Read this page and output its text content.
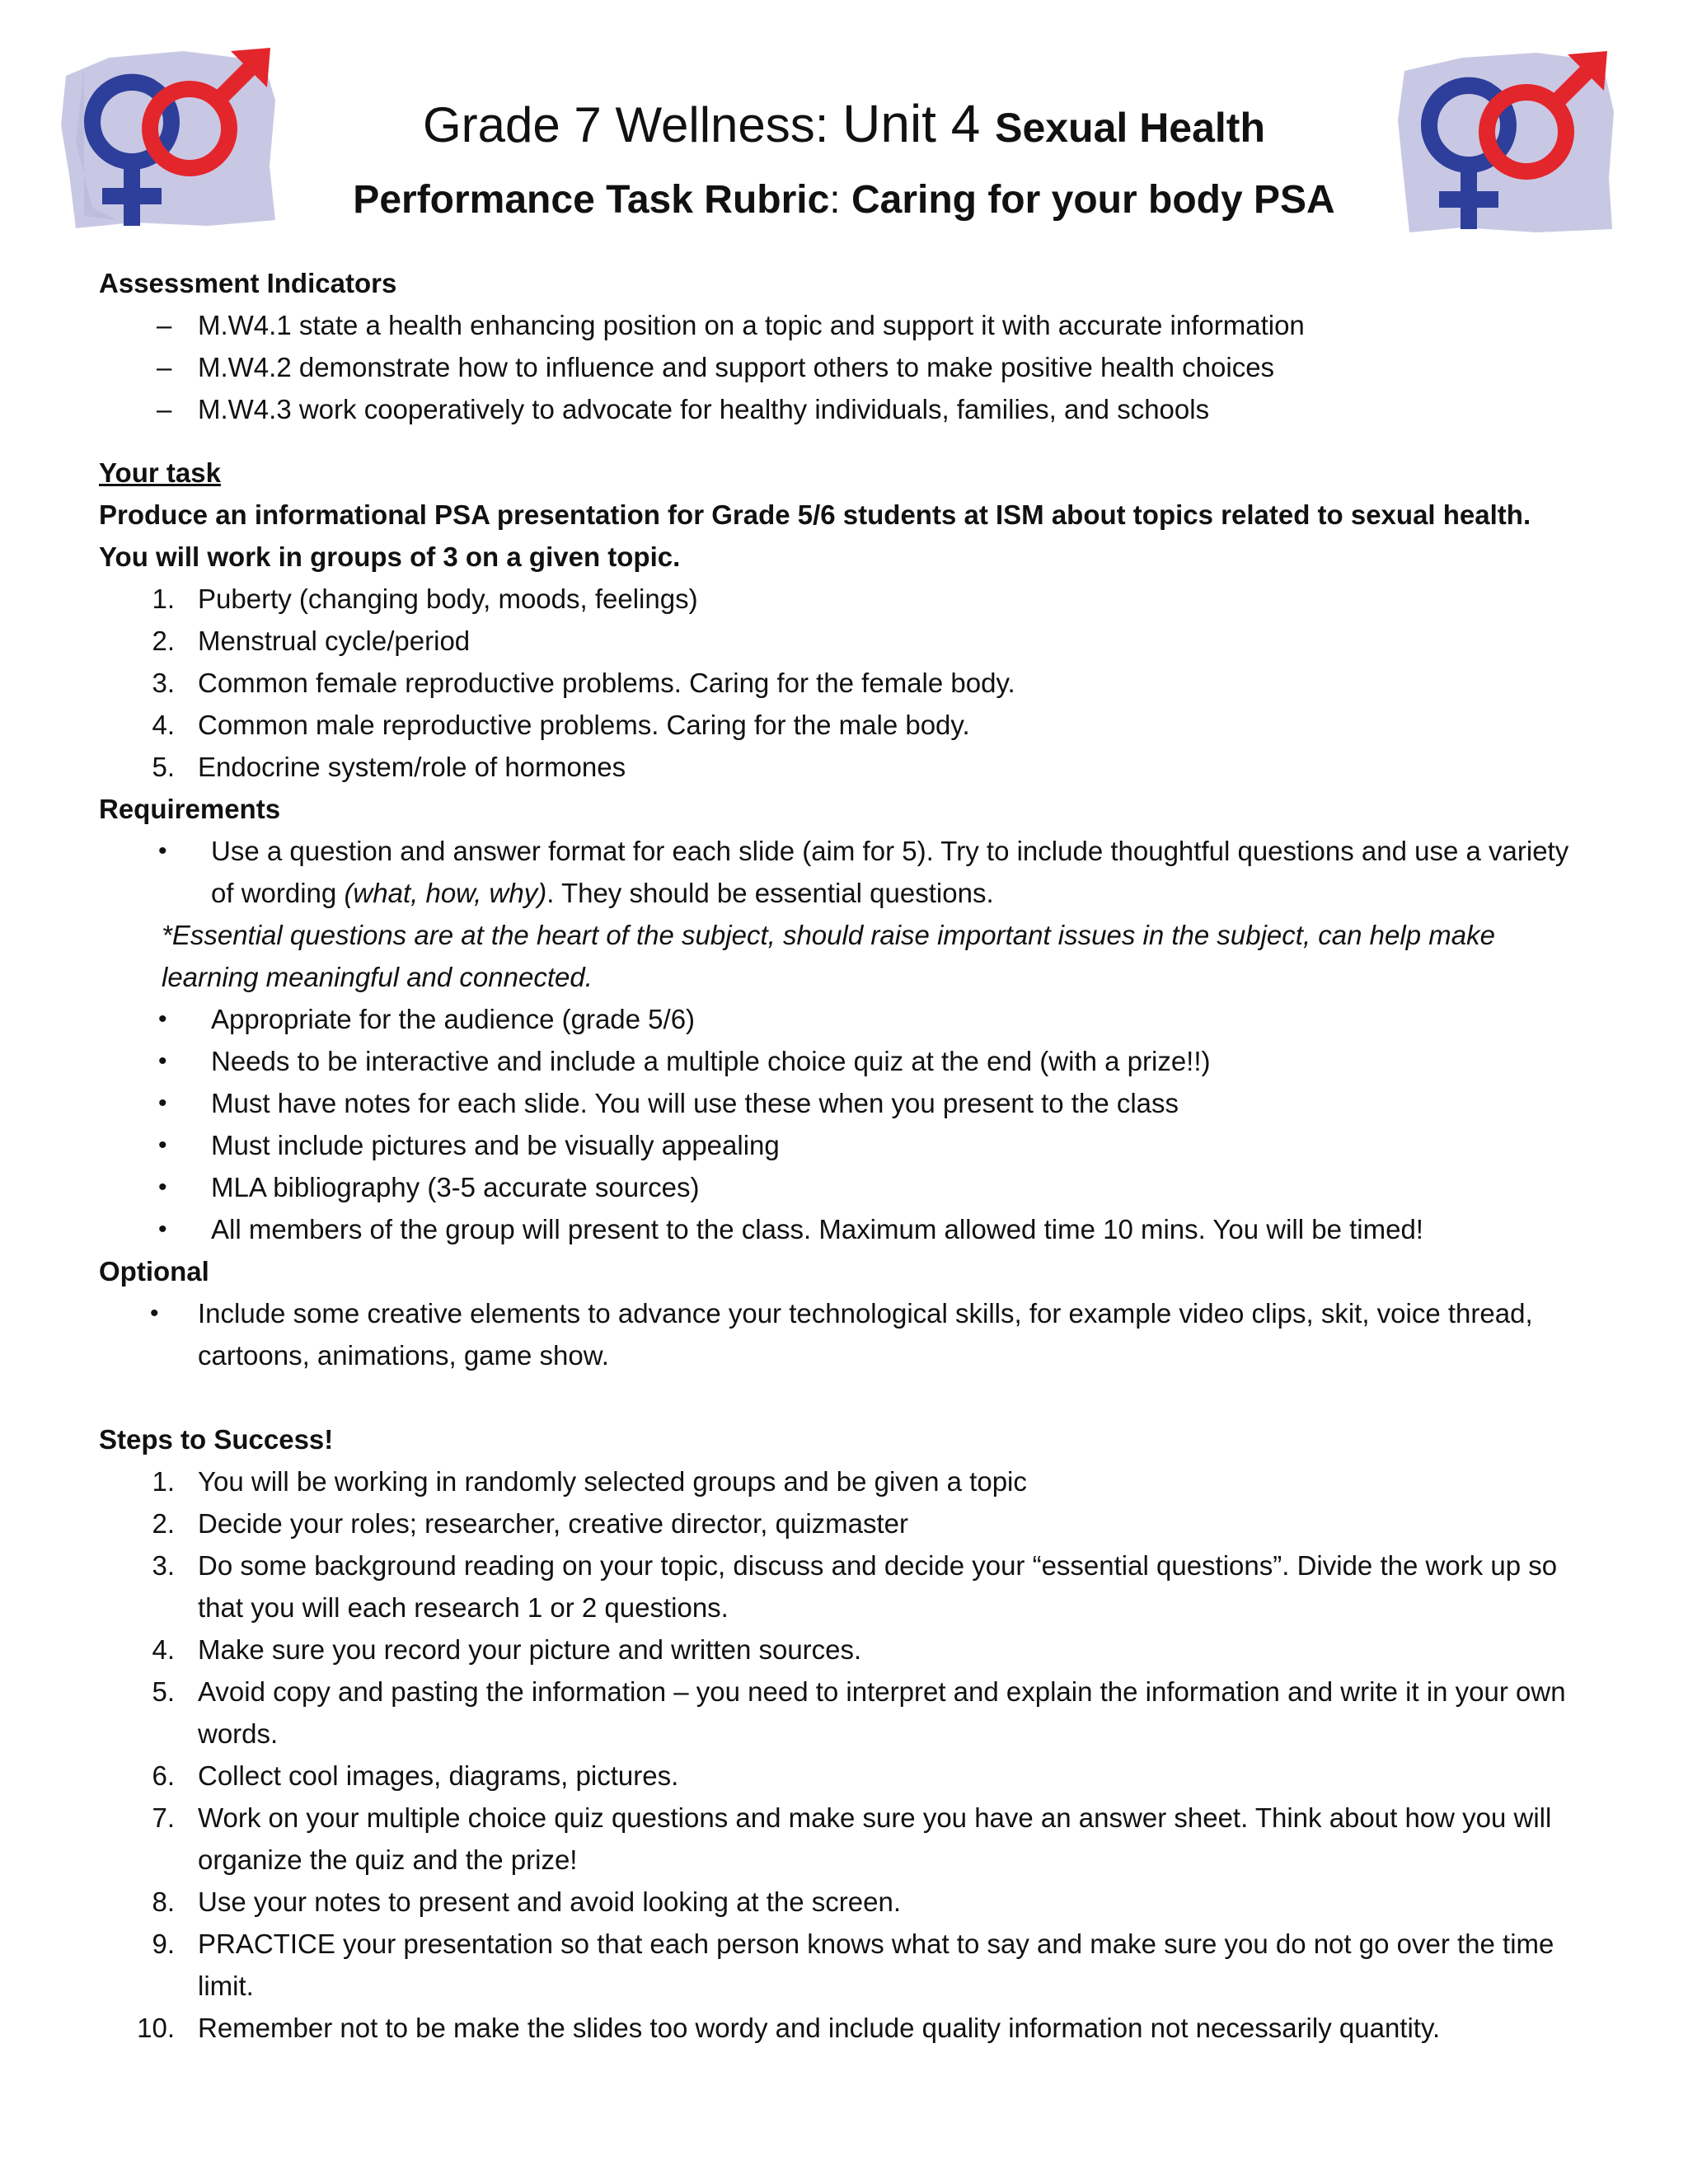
Grade 7 Wellness: Unit 4 Sexual Health
Performance Task Rubric: Caring for your body PSA

Assessment Indicators

– M.W4.1 state a health enhancing position on a topic and support it with accurate information

– M.W4.2 demonstrate how to influence and support others to make positive health choices

– M.W4.3 work cooperatively to advocate for healthy individuals, families, and schools

Your task

Produce an informational PSA presentation for Grade 5/6 students at ISM about topics related to sexual health. You will work in groups of 3 on a given topic.

1. Puberty (changing body, moods, feelings)

2. Menstrual cycle/period

3. Common female reproductive problems. Caring for the female body.

4. Common male reproductive problems. Caring for the male body.

5. Endocrine system/role of hormones

Requirements

• Use a question and answer format for each slide (aim for 5). Try to include thoughtful questions and use a variety of wording (what, how, why). They should be essential questions.

*Essential questions are at the heart of the subject, should raise important issues in the subject, can help make learning meaningful and connected.

• Appropriate for the audience (grade 5/6)

• Needs to be interactive and include a multiple choice quiz at the end (with a prize!!)

• Must have notes for each slide. You will use these when you present to the class

• Must include pictures and be visually appealing

• MLA bibliography (3-5 accurate sources)

• All members of the group will present to the class. Maximum allowed time 10 mins. You will be timed!

Optional

• Include some creative elements to advance your technological skills, for example video clips, skit, voice thread, cartoons, animations, game show.

Steps to Success!

1. You will be working in randomly selected groups and be given a topic

2. Decide your roles; researcher, creative director, quizmaster

3. Do some background reading on your topic, discuss and decide your “essential questions”. Divide the work up so that you will each research 1 or 2 questions.

4. Make sure you record your picture and written sources.

5. Avoid copy and pasting the information – you need to interpret and explain the information and write it in your own words.

6. Collect cool images, diagrams, pictures.

7. Work on your multiple choice quiz questions and make sure you have an answer sheet. Think about how you will organize the quiz and the prize!

8. Use your notes to present and avoid looking at the screen.

9. PRACTICE your presentation so that each person knows what to say and make sure you do not go over the time limit.

10. Remember not to be make the slides too wordy and include quality information not necessarily quantity.
